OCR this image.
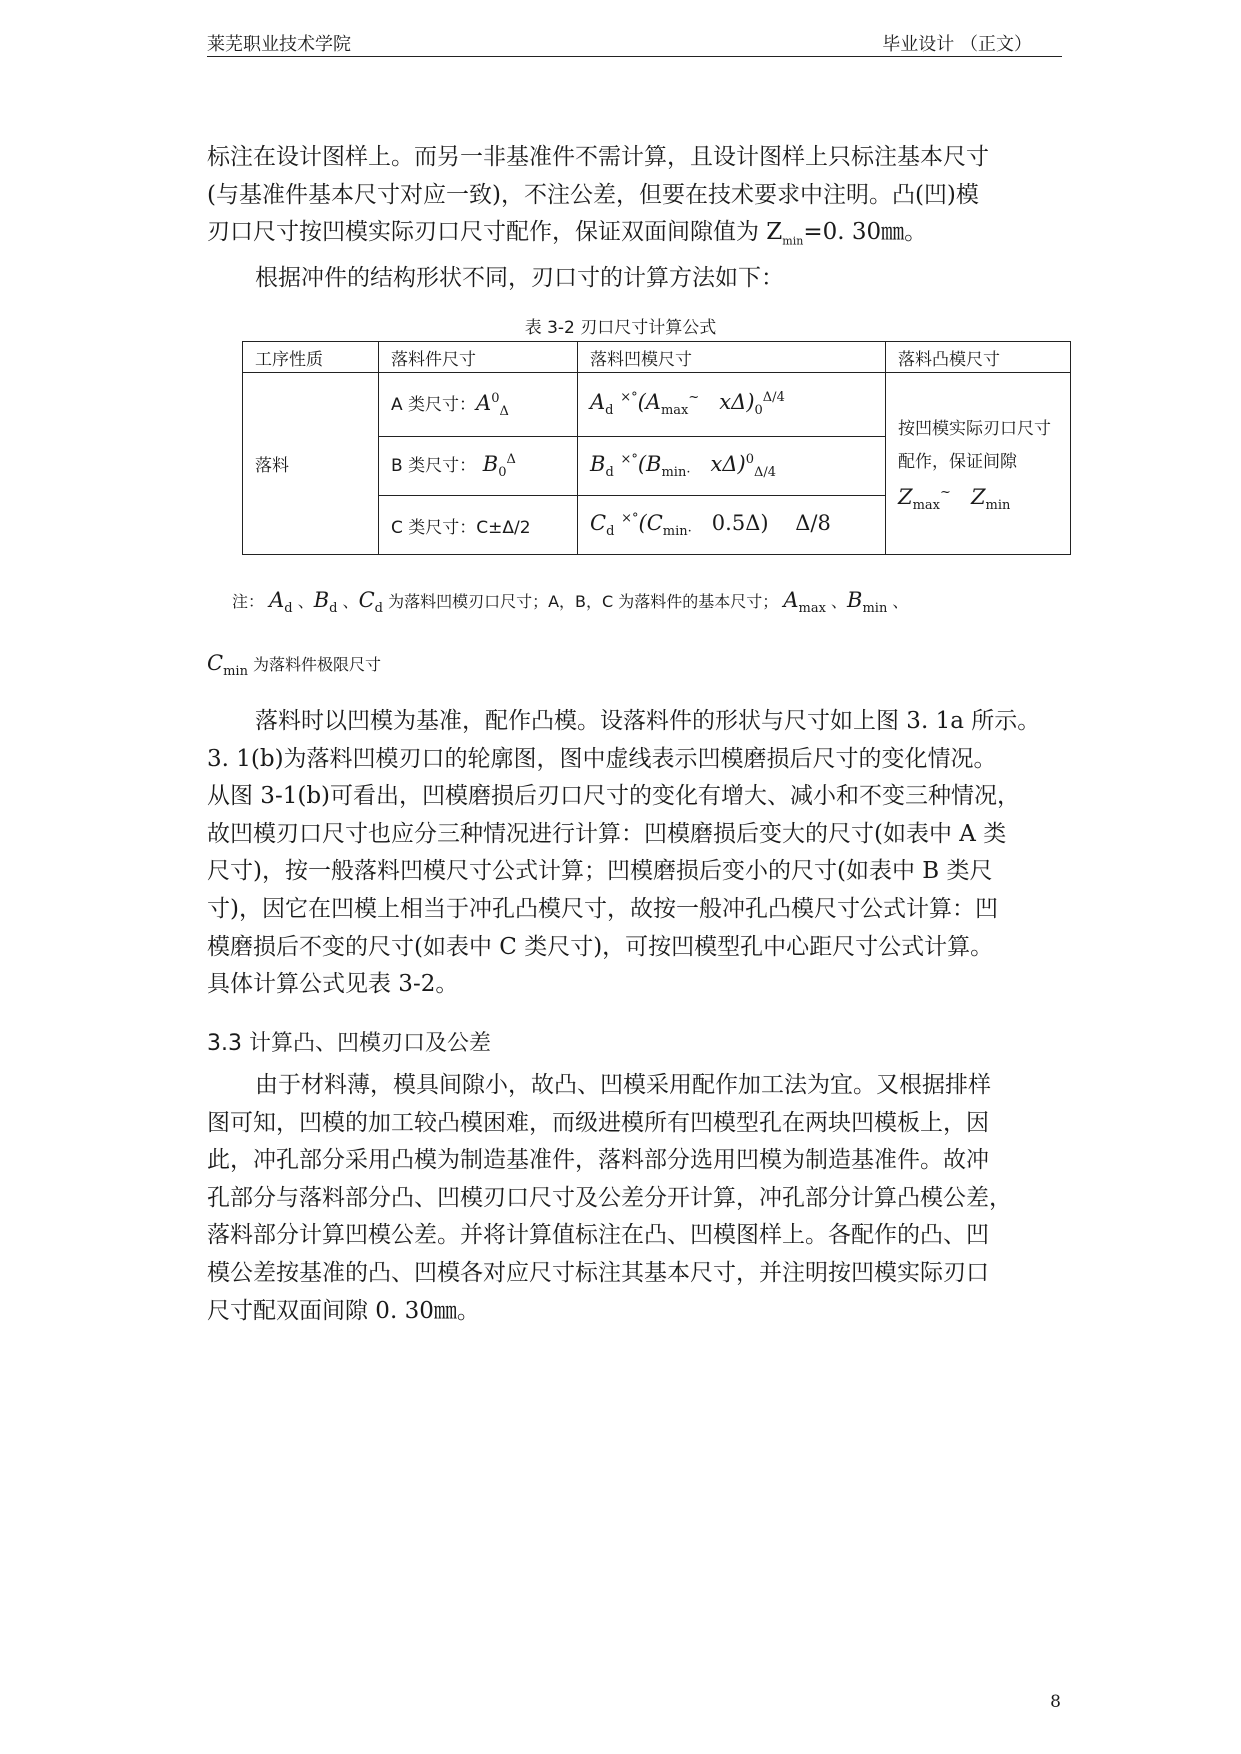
莱芜职业技术学院	毕业设计 （正文）

标注在设计图样上。而另一非基准件不需计算，且设计图样上只标注基本尺寸

(与基准件基本尺寸对应一致)，不注公差，但要在技术要求中注明。凸(凹)模

刃口尺寸按凹模实际刃口尺寸配作，保证双面间隙值为 $Z_{min}=0$. 30㎜。

根据冲件的结构形状不同，刃口寸的计算方法如下：

表 3-2 刃口尺寸计算公式
工序性质	落料件尺寸	落料凹模尺寸	落料凸模尺寸
落料	A 类尺寸：$A^0_\Delta$	$A_d$ $^{\times^\circ}(A_{max}^\sim$   $x\Delta)_0^{\Delta/4}$	按凹模实际刃口尺寸配作，保证间隙
$Z_{max}^\sim$   $Z_{min}$

	B 类尺寸： $B_0^\Delta$	$B_d$ $^{\times^\circ}(B_{min\cdot}$   xΔ)$^0_{\Delta/4}$
	C 类尺寸：C±Δ/2	$C_d$ $^{\times^\circ}(C_{min\cdot}$ 0.5Δ)    Δ/8	
注： $A_d$ 、$B_d$ 、$C_d$ 为落料凹模刃口尺寸；A，B，C 为落料件的基本尺寸； $A_{max}$ 、$B_{min}$ 、
$C_{min}$ 为落料件极限尺寸

落料时以凹模为基准，配作凸模。设落料件的形状与尺寸如上图 3. 1a 所示。

3. 1(b)为落料凹模刃口的轮廓图，图中虚线表示凹模磨损后尺寸的变化情况。

从图 3-1(b)可看出，凹模磨损后刃口尺寸的变化有增大、减小和不变三种情况，

故凹模刃口尺寸也应分三种情况进行计算：凹模磨损后变大的尺寸(如表中 A 类

尺寸)，按一般落料凹模尺寸公式计算；凹模磨损后变小的尺寸(如表中 B 类尺

寸)，因它在凹模上相当于冲孔凸模尺寸，故按一般冲孔凸模尺寸公式计算：凹

模磨损后不变的尺寸(如表中 C 类尺寸)，可按凹模型孔中心距尺寸公式计算。

具体计算公式见表 3-2。

3.3 计算凸、凹模刃口及公差

由于材料薄，模具间隙小，故凸、凹模采用配作加工法为宜。又根据排样

图可知，凹模的加工较凸模困难，而级进模所有凹模型孔在两块凹模板上，因

此，冲孔部分采用凸模为制造基准件，落料部分选用凹模为制造基准件。故冲

孔部分与落料部分凸、凹模刃口尺寸及公差分开计算，冲孔部分计算凸模公差，

落料部分计算凹模公差。并将计算值标注在凸、凹模图样上。各配作的凸、凹

模公差按基准的凸、凹模各对应尺寸标注其基本尺寸，并注明按凹模实际刃口

尺寸配双面间隙 0. 30㎜。

8
